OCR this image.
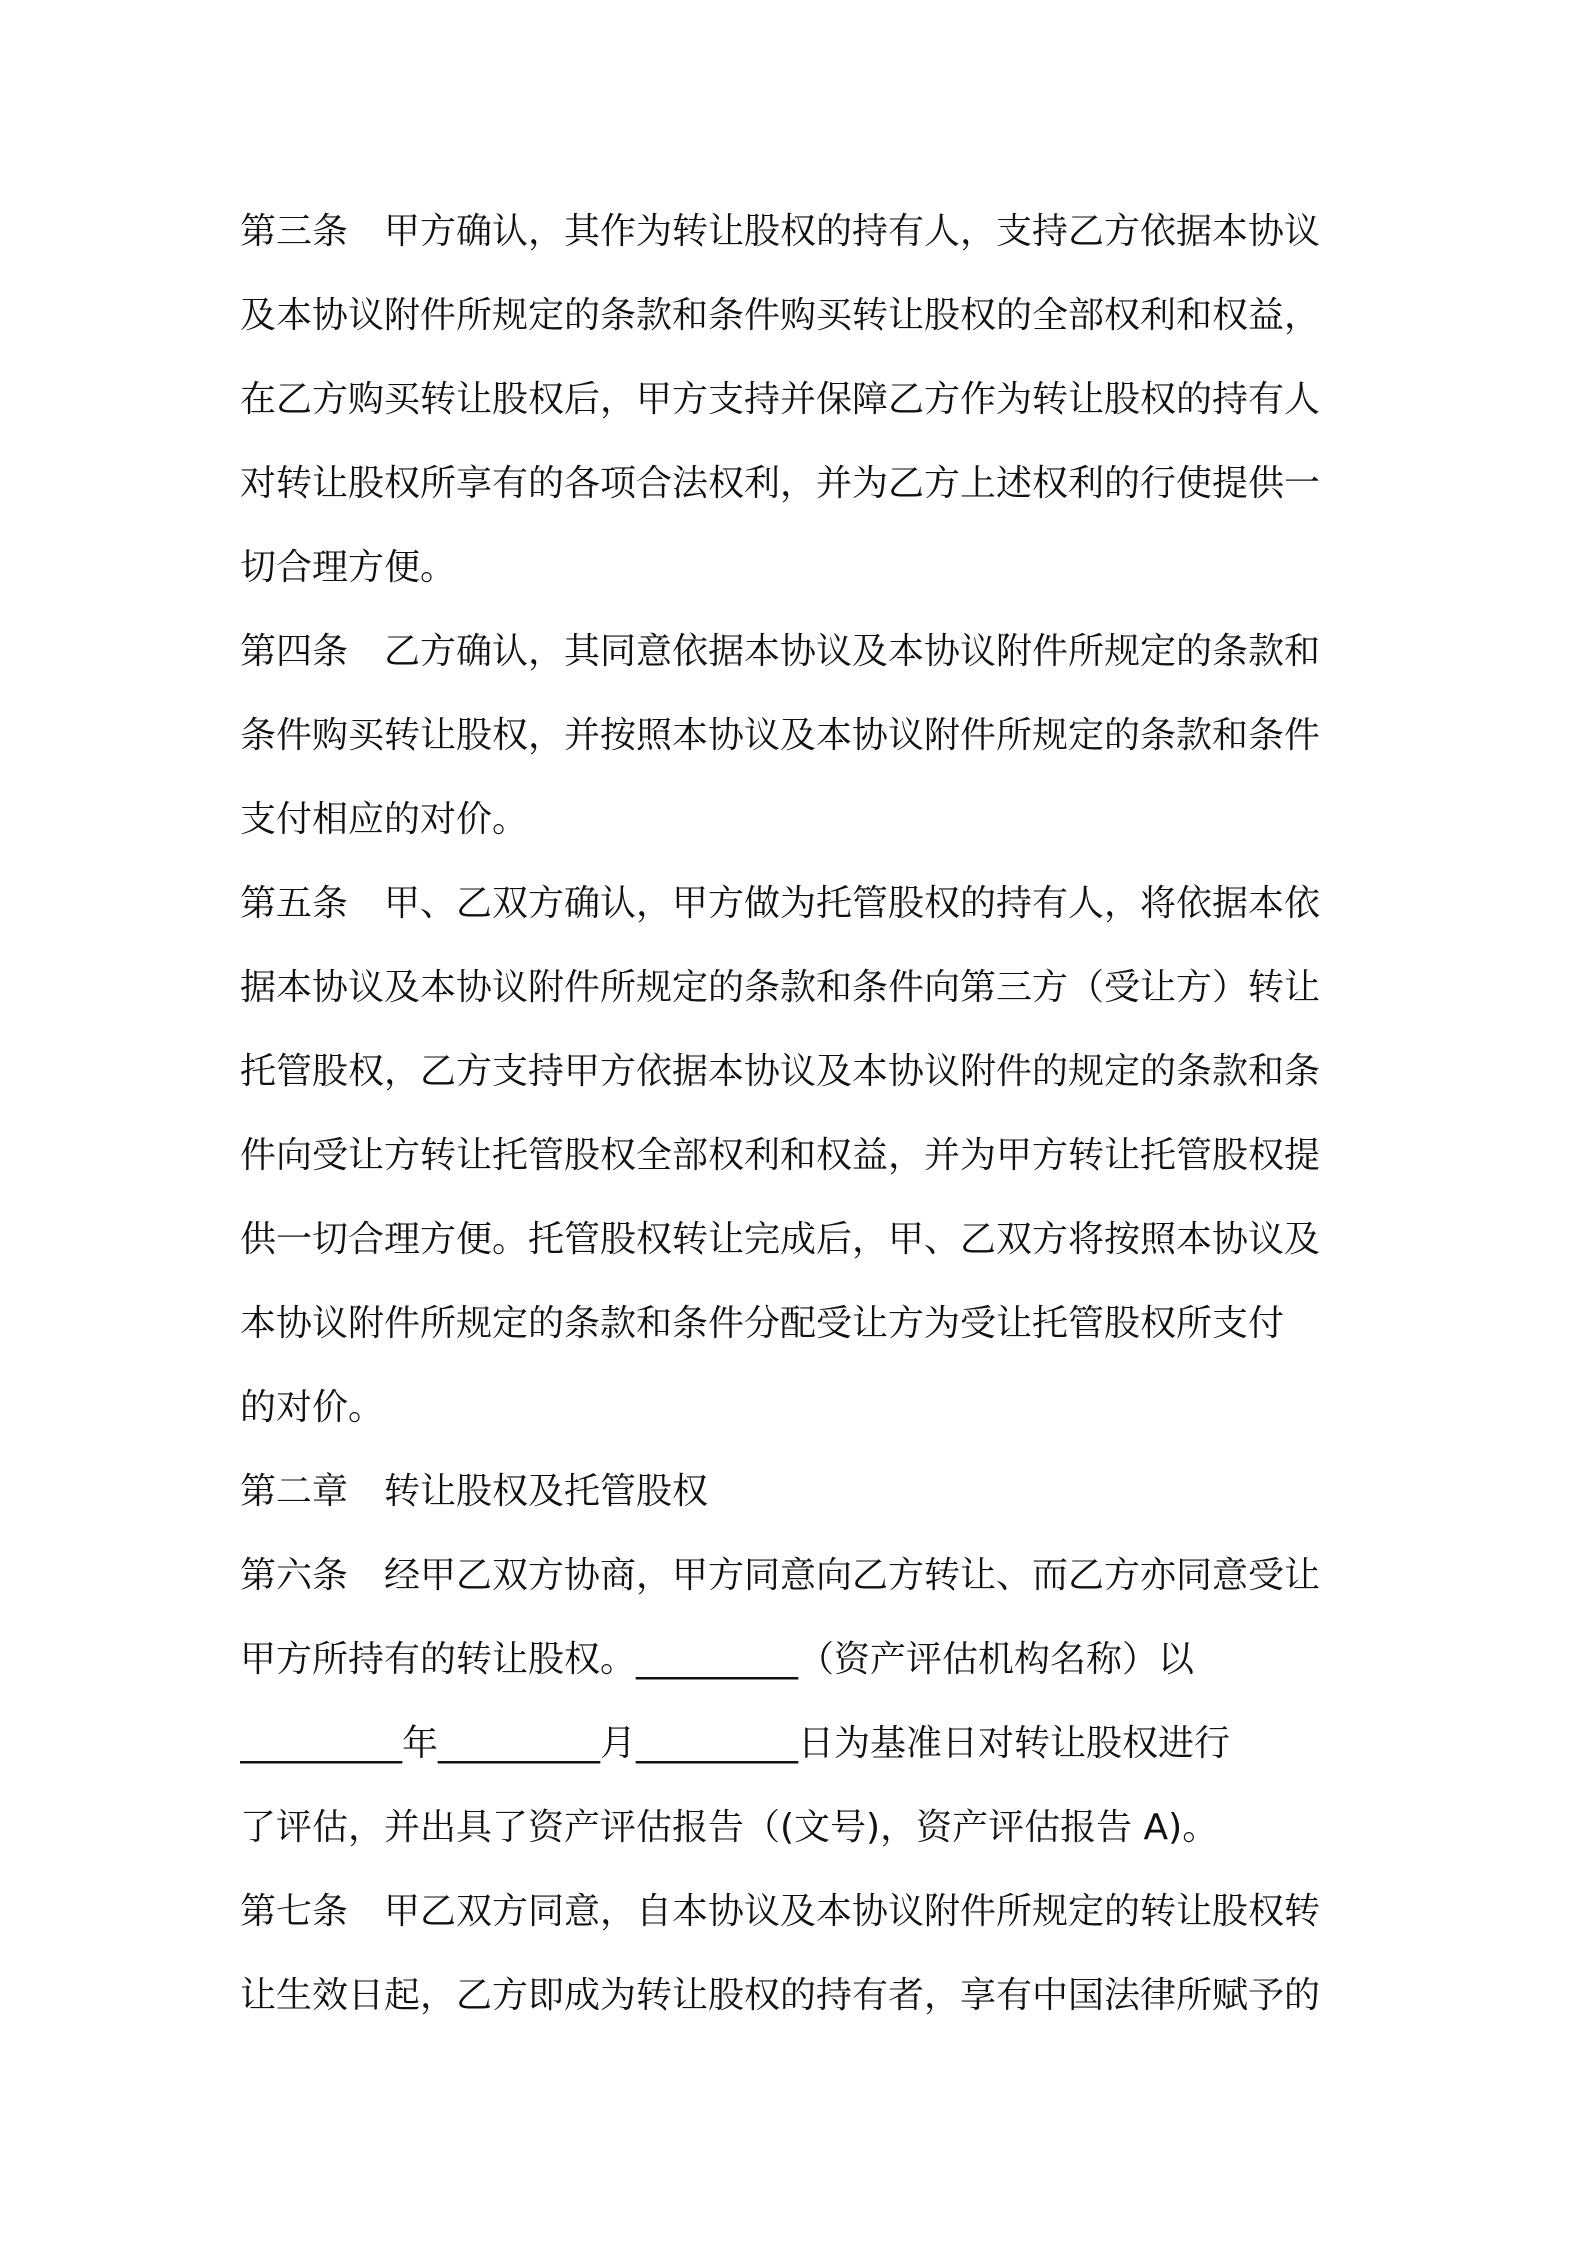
第三条 甲方确认，其作为转让股权的持有人，支持乙方依据本协议
及本协议附件所规定的条款和条件购买转让股权的全部权利和权益，
在乙方购买转让股权后，甲方支持并保障乙方作为转让股权的持有人
对转让股权所享有的各项合法权利，并为乙方上述权利的行使提供一
切合理方便。
第四条 乙方确认，其同意依据本协议及本协议附件所规定的条款和
条件购买转让股权，并按照本协议及本协议附件所规定的条款和条件
支付相应的对价。
第五条 甲、乙双方确认，甲方做为托管股权的持有人，将依据本依
据本协议及本协议附件所规定的条款和条件向第三方（受让方）转让
托管股权，乙方支持甲方依据本协议及本协议附件的规定的条款和条
件向受让方转让托管股权全部权利和权益，并为甲方转让托管股权提
供一切合理方便。托管股权转让完成后，甲、乙双方将按照本协议及
本协议附件所规定的条款和条件分配受让方为受让托管股权所支付
的对价。
第二章 转让股权及托管股权
第六条 经甲乙双方协商，甲方同意向乙方转让、而乙方亦同意受让
甲方所持有的转让股权。_________（资产评估机构名称）以
_________年_________月_________日为基准日对转让股权进行
了评估，并出具了资产评估报告（(文号)，资产评估报告 A)。
第七条 甲乙双方同意，自本协议及本协议附件所规定的转让股权转
让生效日起，乙方即成为转让股权的持有者，享有中国法律所赋予的
